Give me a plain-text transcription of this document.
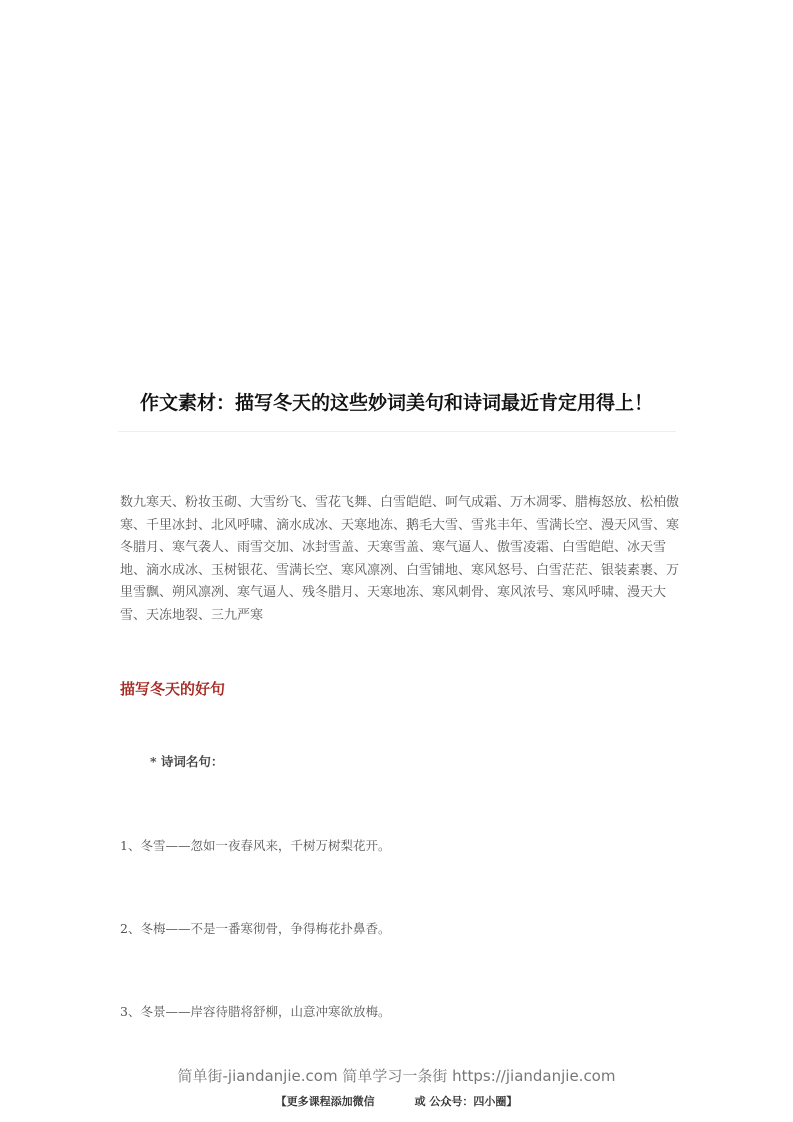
作文素材：描写冬天的这些妙词美句和诗词最近肯定用得上！
数九寒天、粉妆玉砌、大雪纷飞、雪花飞舞、白雪皑皑、呵气成霜、万木凋零、腊梅怒放、松柏傲寒、千里冰封、北风呼啸、滴水成冰、天寒地冻、鹅毛大雪、雪兆丰年、雪满长空、漫天风雪、寒冬腊月、寒气袭人、雨雪交加、冰封雪盖、天寒雪盖、寒气逼人、傲雪凌霜、白雪皑皑、冰天雪地、滴水成冰、玉树银花、雪满长空、寒风凛冽、白雪铺地、寒风怒号、白雪茫茫、银装素裹、万里雪飘、朔风凛冽、寒气逼人、残冬腊月、天寒地冻、寒风刺骨、寒风浓号、寒风呼啸、漫天大雪、天冻地裂、三九严寒
描写冬天的好句
* 诗词名句：
1、冬雪——忽如一夜春风来，千树万树梨花开。
2、冬梅——不是一番寒彻骨，争得梅花扑鼻香。
3、冬景——岸容待腊将舒柳，山意冲寒欲放梅。
简单街-jiandanjie.com 简单学习一条街 https://jiandanjie.com
【更多课程添加微信	或 公众号：四小圈】
